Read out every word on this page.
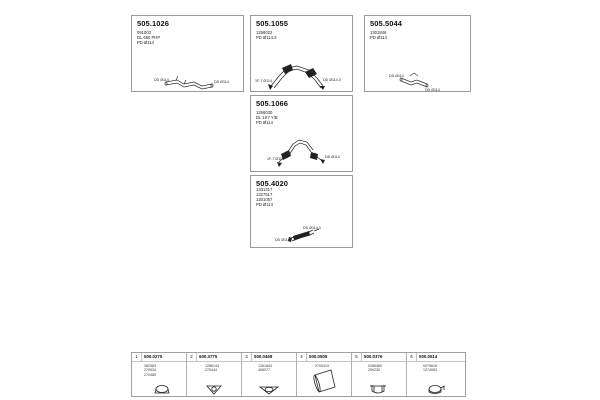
505.1026
091003
DL 650 PHP
PD Ø114
DD Ø114	DD Ø114
505.1055
1256022
PD Ø114.3
1F-7 Ø114	DD Ø114.3
505.5044
1301846
PD Ø114
DD Ø114
DD Ø114
505.1066
1256030
DL 1K7 Y/B
PD Ø114
1F-7 Ø114	DD Ø114
505.4020
1331317
1327517
1301057
PD Ø114
DD Ø114.3
DD Ø114
1 500.0275
382583
270534
270485
2 600.3775
1286143
270444
3 500.0468
1261843
408077
4 500.0505
2700315
5 500.0376
0285360
209230
6 500.0514
0079616
1274083
